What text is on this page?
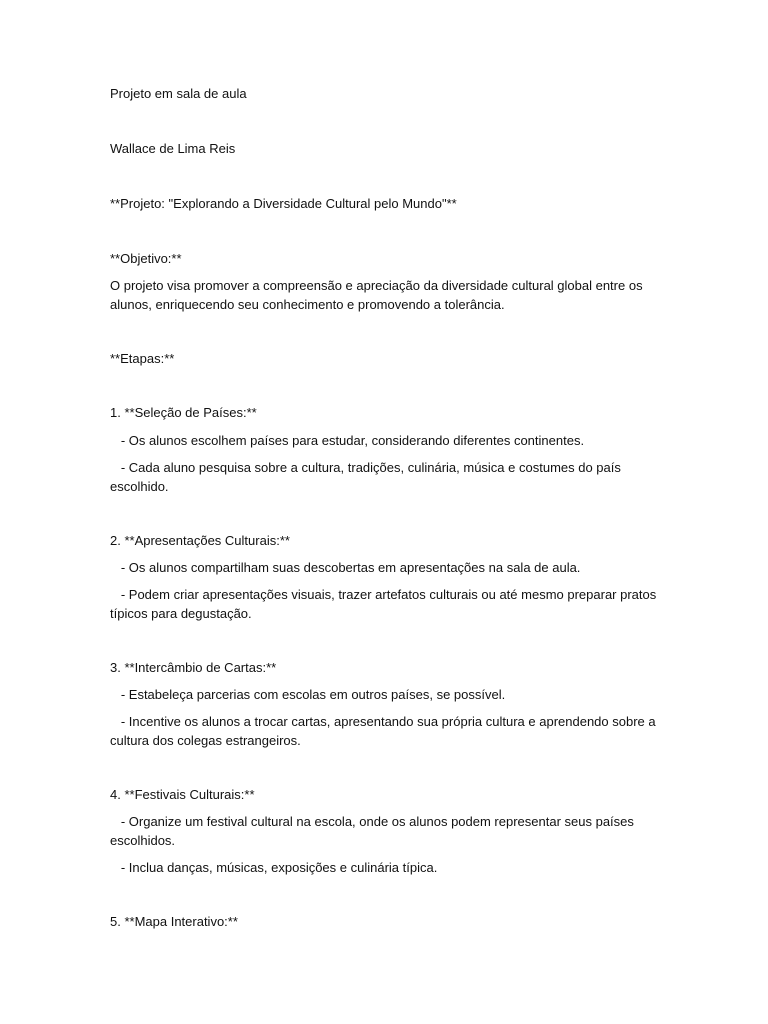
Projeto em sala de aula
Wallace de Lima Reis
**Projeto: "Explorando a Diversidade Cultural pelo Mundo"**
**Objetivo:**
O projeto visa promover a compreensão e apreciação da diversidade cultural global entre os
alunos, enriquecendo seu conhecimento e promovendo a tolerância.
**Etapas:**
1. **Seleção de Países:**
- Os alunos escolhem países para estudar, considerando diferentes continentes.
- Cada aluno pesquisa sobre a cultura, tradições, culinária, música e costumes do país
escolhido.
2. **Apresentações Culturais:**
- Os alunos compartilham suas descobertas em apresentações na sala de aula.
- Podem criar apresentações visuais, trazer artefatos culturais ou até mesmo preparar pratos
típicos para degustação.
3. **Intercâmbio de Cartas:**
- Estabeleça parcerias com escolas em outros países, se possível.
- Incentive os alunos a trocar cartas, apresentando sua própria cultura e aprendendo sobre a
cultura dos colegas estrangeiros.
4. **Festivais Culturais:**
- Organize um festival cultural na escola, onde os alunos podem representar seus países
escolhidos.
- Inclua danças, músicas, exposições e culinária típica.
5. **Mapa Interativo:**
